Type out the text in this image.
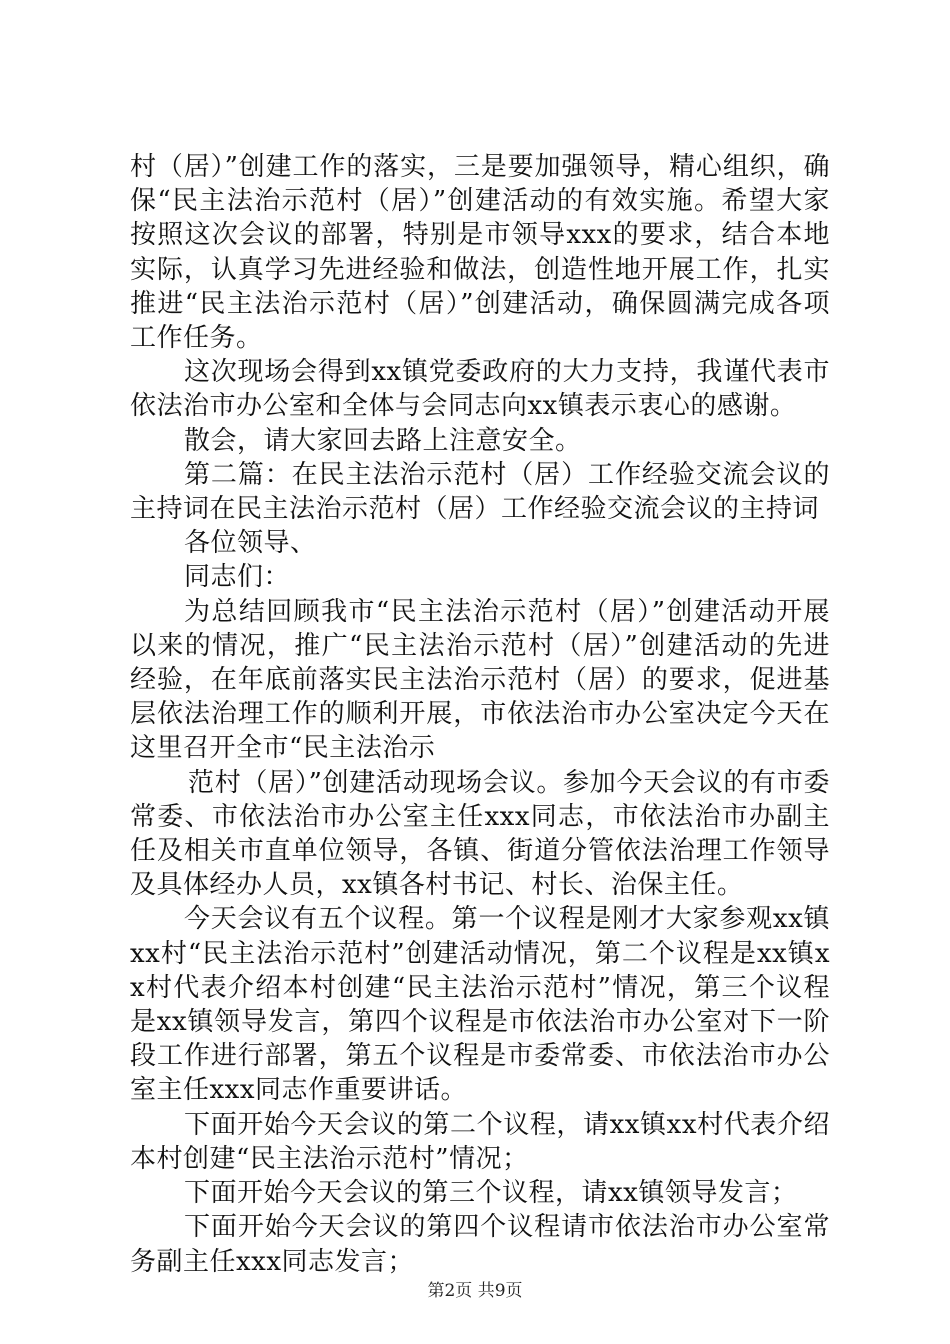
村（居）”创建工作的落实，三是要加强领导，精心组织，确保“民主法治示范村（居）”创建活动的有效实施。希望大家按照这次会议的部署，特别是市领导xxx的要求，结合本地实际，认真学习先进经验和做法，创造性地开展工作，扎实推进“民主法治示范村（居）”创建活动，确保圆满完成各项工作任务。

这次现场会得到xx镇党委政府的大力支持，我谨代表市依法治市办公室和全体与会同志向xx镇表示衷心的感谢。

散会，请大家回去路上注意安全。

第二篇：在民主法治示范村（居）工作经验交流会议的主持词在民主法治示范村（居）工作经验交流会议的主持词

各位领导、

同志们：

为总结回顾我市“民主法治示范村（居）”创建活动开展以来的情况，推广“民主法治示范村（居）”创建活动的先进经验，在年底前落实民主法治示范村（居）的要求，促进基层依法治理工作的顺利开展，市依法治市办公室决定今天在这里召开全市“民主法治示

范村（居）”创建活动现场会议。参加今天会议的有市委常委、市依法治市办公室主任xxx同志，市依法治市办副主任及相关市直单位领导，各镇、街道分管依法治理工作领导及具体经办人员，xx镇各村书记、村长、治保主任。

今天会议有五个议程。第一个议程是刚才大家参观xx镇xx村“民主法治示范村”创建活动情况，第二个议程是xx镇xx村代表介绍本村创建“民主法治示范村”情况，第三个议程是xx镇领导发言，第四个议程是市依法治市办公室对下一阶段工作进行部署，第五个议程是市委常委、市依法治市办公室主任xxx同志作重要讲话。

下面开始今天会议的第二个议程，请xx镇xx村代表介绍本村创建“民主法治示范村”情况；

下面开始今天会议的第三个议程，请xx镇领导发言；

下面开始今天会议的第四个议程请市依法治市办公室常务副主任xxx同志发言；

第2页 共9页
